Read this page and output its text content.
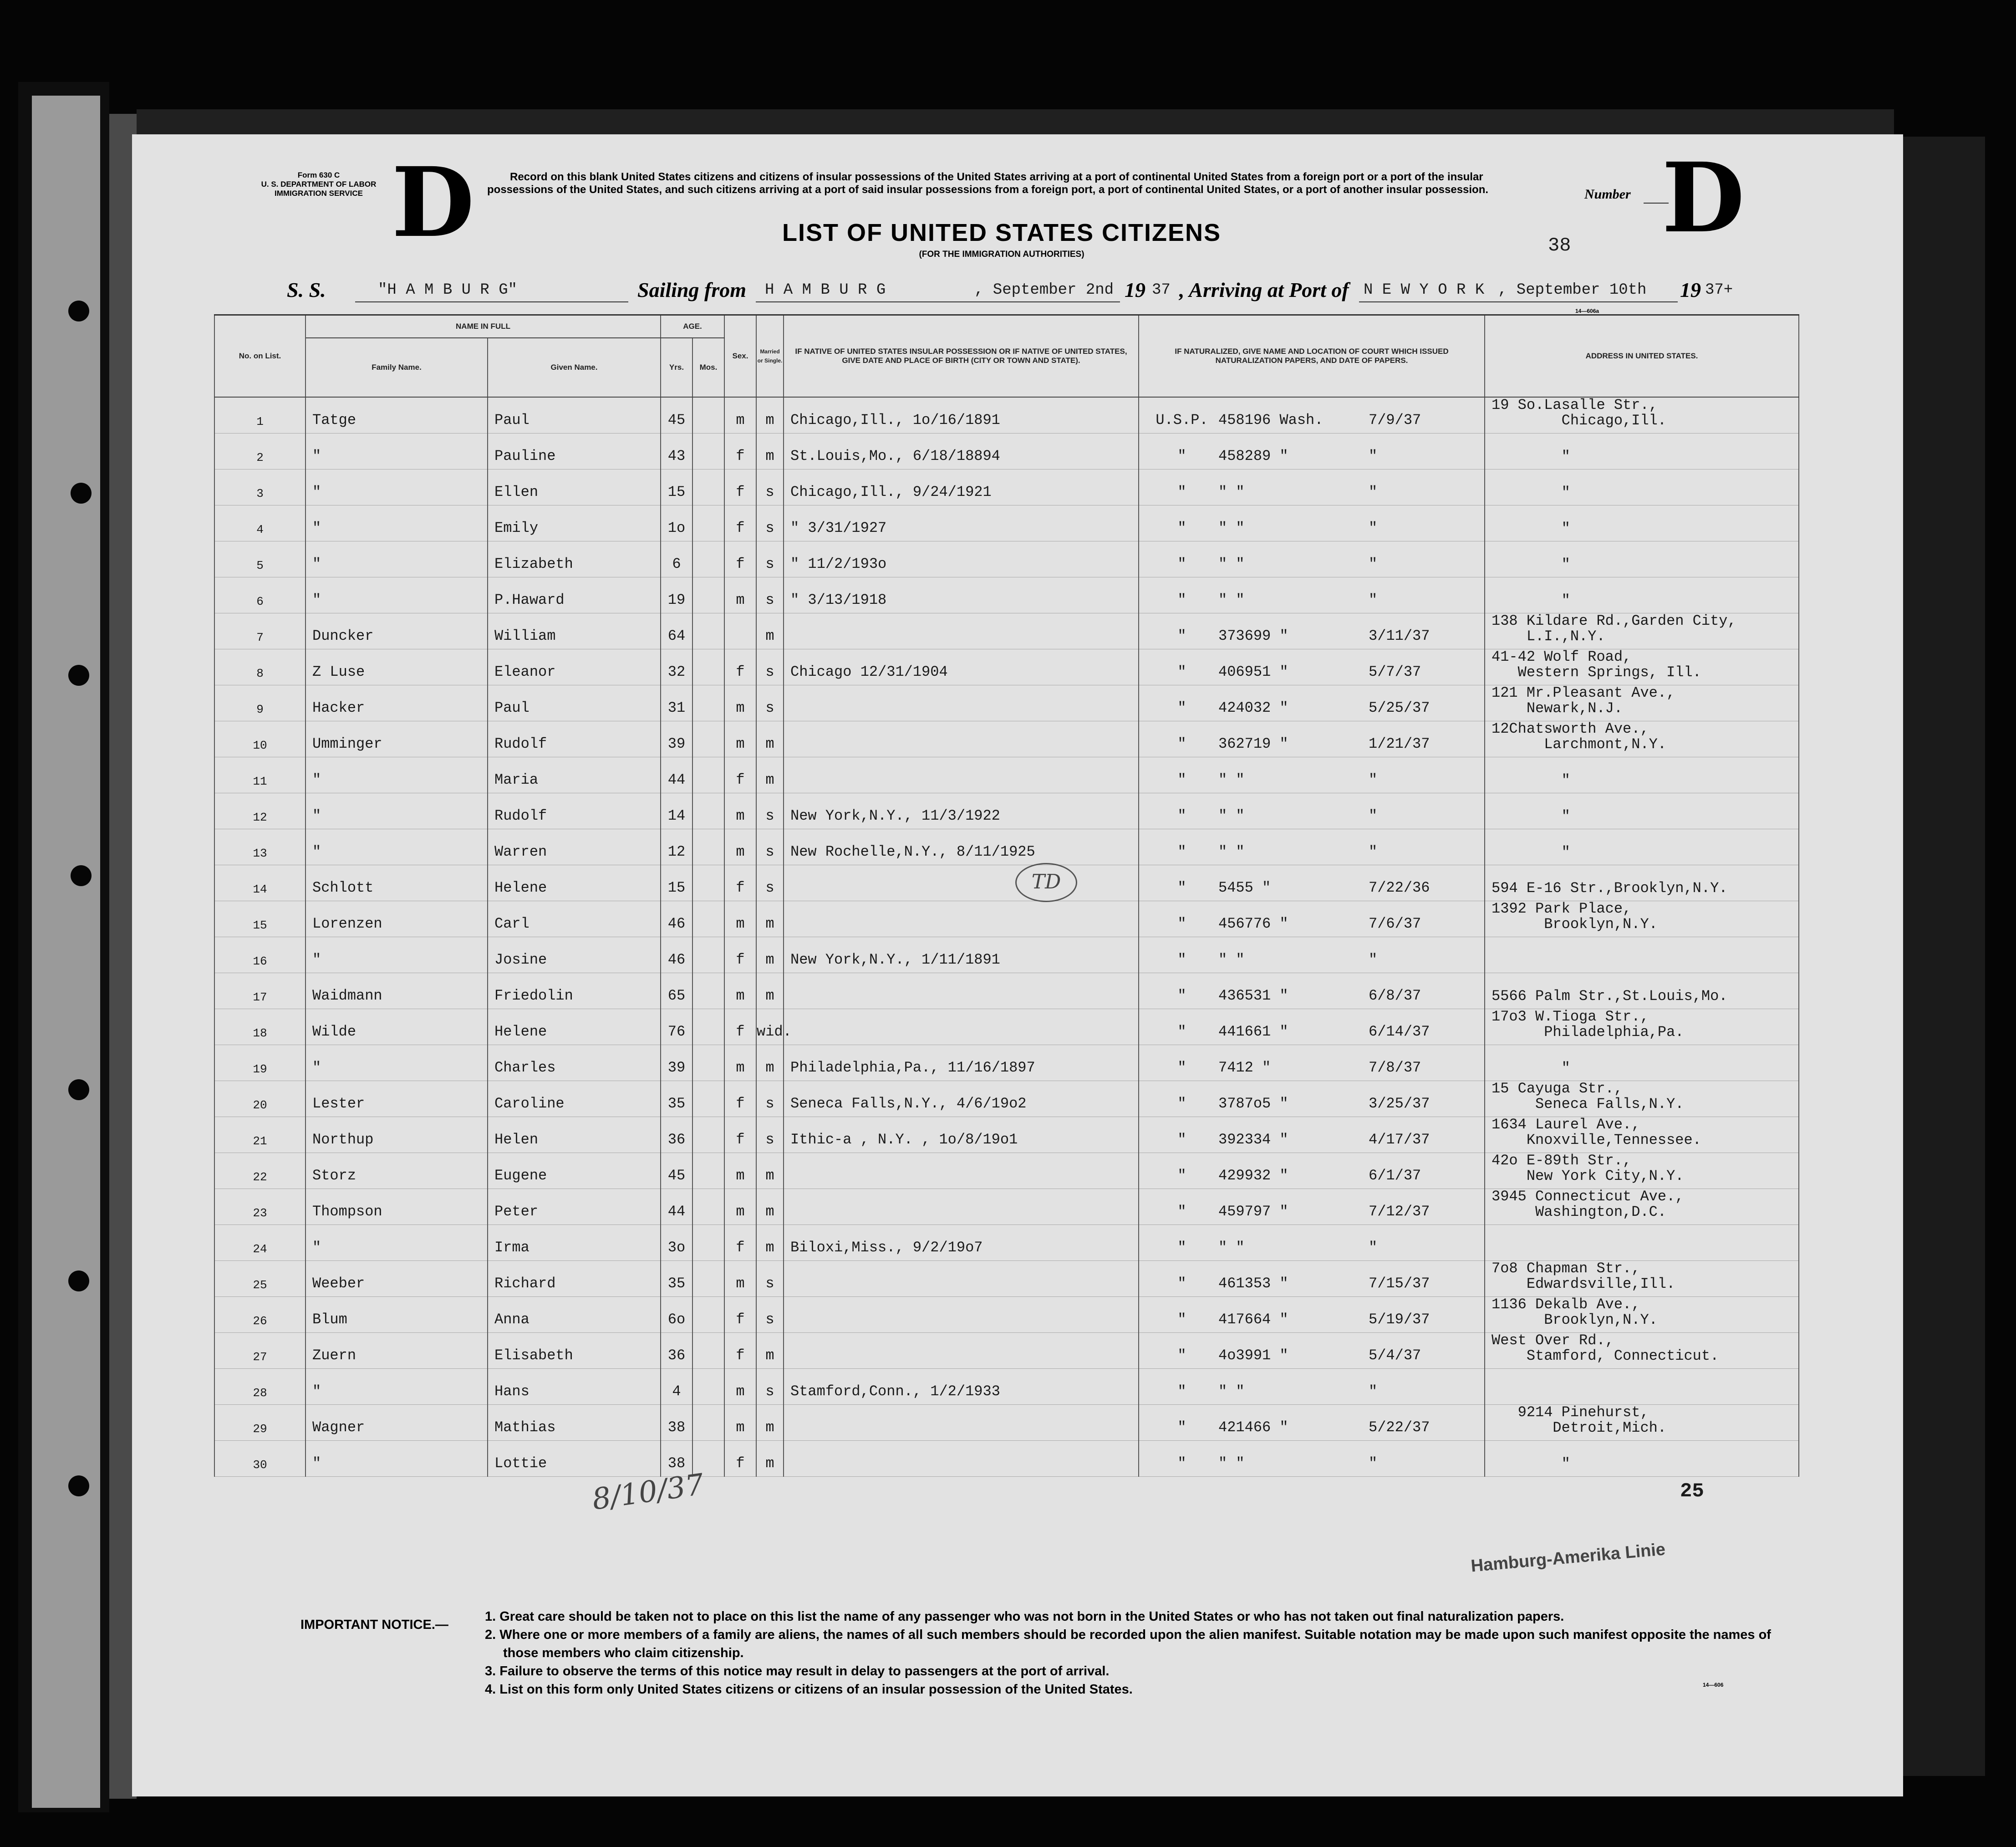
Form 630 C
U. S. DEPARTMENT OF LABOR
IMMIGRATION SERVICE D	Record on this blank United States citizens and citizens of insular possessions of the United States arriving at a port of continental United States from a foreign port or a port of the insular possessions of the United States, and such citizens arriving at a port of said insular possessions from a foreign port, a port of continental United States, or a port of another insular possession.	Number D
LIST OF UNITED STATES CITIZENS
(FOR THE IMMIGRATION AUTHORITIES)	38
S. S.	"H A M B U R G"	Sailing from H A M B U R G	, September 2nd 19 37 , Arriving at Port of N E W Y O R K , September 10th 19 37+
14—606a
No. on List.	NAME IN FULL		AGE.		Sex.	Married or Single.	IF NATIVE OF UNITED STATES INSULAR POSSESSION OR IF NATIVE OF UNITED STATES, GIVE DATE AND PLACE OF BIRTH (CITY OR TOWN AND STATE).	IF NATURALIZED, GIVE NAME AND LOCATION OF COURT WHICH ISSUED NATURALIZATION PAPERS, AND DATE OF PAPERS.	ADDRESS IN UNITED STATES.
	Family Name.	Given Name.	Yrs.	Mos.					
1	Tatge	Paul	45		m	m	Chicago,Ill., 1o/16/1891	U.S.P. 458196 Wash. 7/9/37	19 So.Lasalle Str.,
Chicago,Ill.
2	"	Pauline	43		f	m	St.Louis,Mo., 6/18/18894	" 458289 " "	"
3	"	Ellen	15		f	s	Chicago,Ill., 9/24/1921	" " " "	"
4	"	Emily	1o		f	s	" 3/31/1927	" " " "	"
5	"	Elizabeth	6		f	s	" 11/2/193o	" " " "	"
6	"	P.Haward	19		m	s	" 3/13/1918	" " " "	"
7	Duncker	William	64			m		" 373699 " 3/11/37	138 Kildare Rd.,Garden City,
L.I.,N.Y.
8	Z Luse	Eleanor	32		f	s	Chicago 12/31/1904	" 406951 " 5/7/37	41-42 Wolf Road,
Western Springs, Ill.
9	Hacker	Paul	31		m	s		" 424032 " 5/25/37	121 Mr.Pleasant Ave.,
Newark,N.J.
10	Umminger	Rudolf	39		m	m		" 362719 " 1/21/37	12Chatsworth Ave.,
Larchmont,N.Y.
11	"	Maria	44		f	m		" " " "	"
12	"	Rudolf	14		m	s	New York,N.Y., 11/3/1922	" " " "	"
13	"	Warren	12		m	s	New Rochelle,N.Y., 8/11/1925	" " " "	"
14	Schlott	Helene	15		f	s		" 5455 " 7/22/36	594 E-16 Str.,Brooklyn,N.Y.
15	Lorenzen	Carl	46		m	m		" 456776 " 7/6/37	1392 Park Place,
Brooklyn,N.Y.
16	"	Josine	46		f	m	New York,N.Y., 1/11/1891	" " " "	
17	Waidmann	Friedolin	65		m	m		" 436531 " 6/8/37	5566 Palm Str.,St.Louis,Mo.
18	Wilde	Helene	76		f	wid.		" 441661 " 6/14/37	17o3 W.Tioga Str.,
Philadelphia,Pa.
19	"	Charles	39		m	m	Philadelphia,Pa., 11/16/1897	" 7412 " 7/8/37	"
20	Lester	Caroline	35		f	s	Seneca Falls,N.Y., 4/6/19o2	" 3787o5 " 3/25/37	15 Cayuga Str.,
Seneca Falls,N.Y.
21	Northup	Helen	36		f	s	Ithic-a , N.Y. , 1o/8/19o1	" 392334 " 4/17/37	1634 Laurel Ave.,
Knoxville,Tennessee.
22	Storz	Eugene	45		m	m		" 429932 " 6/1/37	42o E-89th Str.,
New York City,N.Y.
23	Thompson	Peter	44		m	m		" 459797 " 7/12/37	3945 Connecticut Ave.,
Washington,D.C.
24	"	Irma	3o		f	m	Biloxi,Miss., 9/2/19o7	" " " "	
25	Weeber	Richard	35		m	s		" 461353 " 7/15/37	7o8 Chapman Str.,
Edwardsville,Ill.
26	Blum	Anna	6o		f	s		" 417664 " 5/19/37	1136 Dekalb Ave.,
Brooklyn,N.Y.
27	Zuern	Elisabeth	36		f	m		" 4o3991 " 5/4/37	West Over Rd.,
Stamford, Connecticut.
28	"	Hans	4		m	s	Stamford,Conn., 1/2/1933	" " " "	
29	Wagner	Mathias	38		m	m		" 421466 " 5/22/37	9214 Pinehurst,
Detroit,Mich.
30	"	Lottie	38		f	m		" " " "	"
TD
8/10/37	25
Hamburg-Amerika Linie
IMPORTANT NOTICE.—
1. Great care should be taken not to place on this list the name of any passenger who was not born in the United States or who has not taken out final naturalization papers.
2. Where one or more members of a family are aliens, the names of all such members should be recorded upon the alien manifest. Suitable notation may be made upon such manifest opposite the names of those members who claim citizenship.
3. Failure to observe the terms of this notice may result in delay to passengers at the port of arrival.
4. List on this form only United States citizens or citizens of an insular possession of the United States.	14—606
